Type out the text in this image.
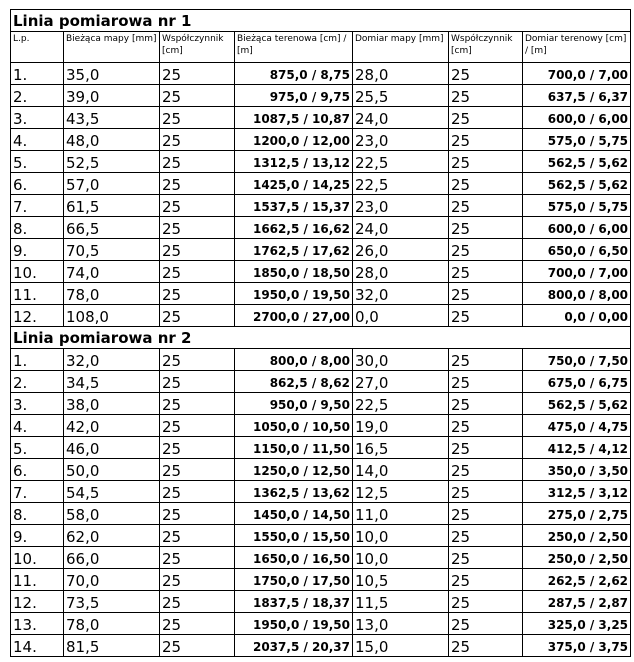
Linia pomiarowa nr 1						
L.p.	Bieżąca mapy [mm]	Współczynnik [cm]	Bieżąca terenowa [cm] / [m]	Domiar mapy [mm]	Współczynnik [cm]	Domiar terenowy [cm] / [m]
1.	35,0	25	875,0 / 8,75	28,0	25	700,0 / 7,00
2.	39,0	25	975,0 / 9,75	25,5	25	637,5 / 6,37
3.	43,5	25	1087,5 / 10,87	24,0	25	600,0 / 6,00
4.	48,0	25	1200,0 / 12,00	23,0	25	575,0 / 5,75
5.	52,5	25	1312,5 / 13,12	22,5	25	562,5 / 5,62
6.	57,0	25	1425,0 / 14,25	22,5	25	562,5 / 5,62
7.	61,5	25	1537,5 / 15,37	23,0	25	575,0 / 5,75
8.	66,5	25	1662,5 / 16,62	24,0	25	600,0 / 6,00
9.	70,5	25	1762,5 / 17,62	26,0	25	650,0 / 6,50
10.	74,0	25	1850,0 / 18,50	28,0	25	700,0 / 7,00
11.	78,0	25	1950,0 / 19,50	32,0	25	800,0 / 8,00
12.	108,0	25	2700,0 / 27,00	0,0	25	0,0 / 0,00
Linia pomiarowa nr 2						
1.	32,0	25	800,0 / 8,00	30,0	25	750,0 / 7,50
2.	34,5	25	862,5 / 8,62	27,0	25	675,0 / 6,75
3.	38,0	25	950,0 / 9,50	22,5	25	562,5 / 5,62
4.	42,0	25	1050,0 / 10,50	19,0	25	475,0 / 4,75
5.	46,0	25	1150,0 / 11,50	16,5	25	412,5 / 4,12
6.	50,0	25	1250,0 / 12,50	14,0	25	350,0 / 3,50
7.	54,5	25	1362,5 / 13,62	12,5	25	312,5 / 3,12
8.	58,0	25	1450,0 / 14,50	11,0	25	275,0 / 2,75
9.	62,0	25	1550,0 / 15,50	10,0	25	250,0 / 2,50
10.	66,0	25	1650,0 / 16,50	10,0	25	250,0 / 2,50
11.	70,0	25	1750,0 / 17,50	10,5	25	262,5 / 2,62
12.	73,5	25	1837,5 / 18,37	11,5	25	287,5 / 2,87
13.	78,0	25	1950,0 / 19,50	13,0	25	325,0 / 3,25
14.	81,5	25	2037,5 / 20,37	15,0	25	375,0 / 3,75
